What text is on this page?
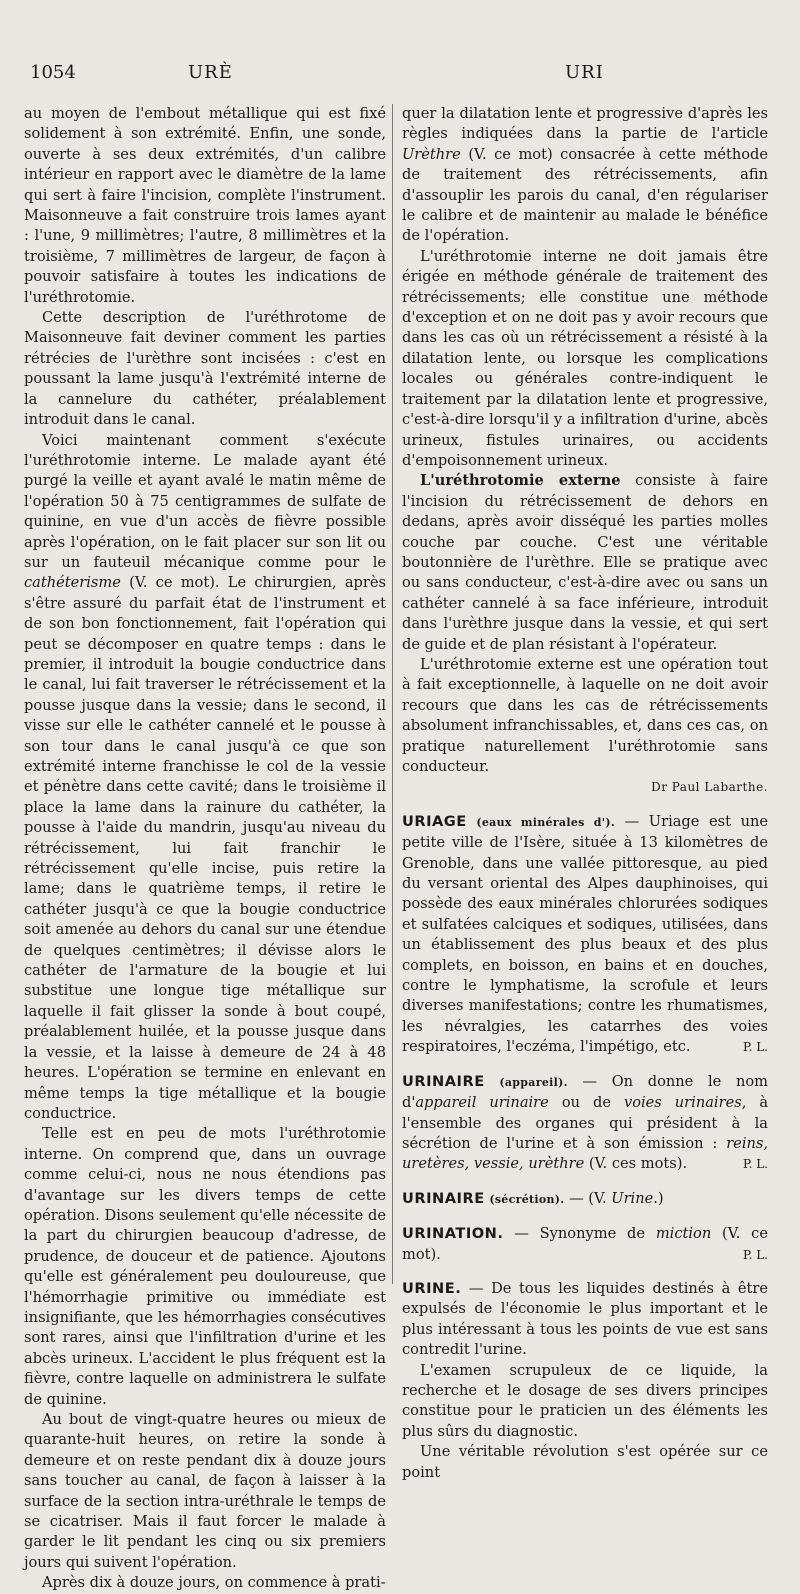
1054	URÈ	URI

au moyen de l'embout métallique qui est fixé solidement à son extrémité. Enfin, une sonde, ouverte à ses deux extrémités, d'un calibre intérieur en rapport avec le diamètre de la lame qui sert à faire l'incision, complète l'instrument. Maisonneuve a fait construire trois lames ayant : l'une, 9 millimètres; l'autre, 8 millimètres et la troisième, 7 millimètres de largeur, de façon à pouvoir satisfaire à toutes les indications de l'uréthrotomie.

Cette description de l'uréthrotome de Maisonneuve fait deviner comment les parties rétrécies de l'urèthre sont incisées : c'est en poussant la lame jusqu'à l'extrémité interne de la cannelure du cathéter, préalablement introduit dans le canal.

Voici maintenant comment s'exécute l'uréthrotomie interne. Le malade ayant été purgé la veille et ayant avalé le matin même de l'opération 50 à 75 centigrammes de sulfate de quinine, en vue d'un accès de fièvre possible après l'opération, on le fait placer sur son lit ou sur un fauteuil mécanique comme pour le cathéterisme (V. ce mot). Le chirurgien, après s'être assuré du parfait état de l'instrument et de son bon fonctionnement, fait l'opération qui peut se décomposer en quatre temps : dans le premier, il introduit la bougie conductrice dans le canal, lui fait traverser le rétrécissement et la pousse jusque dans la vessie; dans le second, il visse sur elle le cathéter cannelé et le pousse à son tour dans le canal jusqu'à ce que son extrémité interne franchisse le col de la vessie et pénètre dans cette cavité; dans le troisième il place la lame dans la rainure du cathéter, la pousse à l'aide du mandrin, jusqu'au niveau du rétrécissement, lui fait franchir le rétrécissement qu'elle incise, puis retire la lame; dans le quatrième temps, il retire le cathéter jusqu'à ce que la bougie conductrice soit amenée au dehors du canal sur une étendue de quelques centimètres; il dévisse alors le cathéter de l'armature de la bougie et lui substitue une longue tige métallique sur laquelle il fait glisser la sonde à bout coupé, préalablement huilée, et la pousse jusque dans la vessie, et la laisse à demeure de 24 à 48 heures. L'opération se termine en enlevant en même temps la tige métallique et la bougie conductrice.

Telle est en peu de mots l'uréthrotomie interne. On comprend que, dans un ouvrage comme celui-ci, nous ne nous étendions pas d'avantage sur les divers temps de cette opération. Disons seulement qu'elle nécessite de la part du chirurgien beaucoup d'adresse, de prudence, de douceur et de patience. Ajoutons qu'elle est généralement peu douloureuse, que l'hémorrhagie primitive ou immédiate est insignifiante, que les hémorrhagies consécutives sont rares, ainsi que l'infiltration d'urine et les abcès urineux. L'accident le plus fréquent est la fièvre, contre laquelle on administrera le sulfate de quinine.

Au bout de vingt-quatre heures ou mieux de quarante-huit heures, on retire la sonde à demeure et on reste pendant dix à douze jours sans toucher au canal, de façon à laisser à la surface de la section intra-uréthrale le temps de se cicatriser. Mais il faut forcer le malade à garder le lit pendant les cinq ou six premiers jours qui suivent l'opération.

Après dix à douze jours, on commence à prati-

quer la dilatation lente et progressive d'après les règles indiquées dans la partie de l'article Urèthre (V. ce mot) consacrée à cette méthode de traitement des rétrécissements, afin d'assouplir les parois du canal, d'en régulariser le calibre et de maintenir au malade le bénéfice de l'opération.

L'uréthrotomie interne ne doit jamais être érigée en méthode générale de traitement des rétrécissements; elle constitue une méthode d'exception et on ne doit pas y avoir recours que dans les cas où un rétrécissement a résisté à la dilatation lente, ou lorsque les complications locales ou générales contre-indiquent le traitement par la dilatation lente et progressive, c'est-à-dire lorsqu'il y a infiltration d'urine, abcès urineux, fistules urinaires, ou accidents d'empoisonnement urineux.

L'uréthrotomie externe consiste à faire l'incision du rétrécissement de dehors en dedans, après avoir disséqué les parties molles couche par couche. C'est une véritable boutonnière de l'urèthre. Elle se pratique avec ou sans conducteur, c'est-à-dire avec ou sans un cathéter cannelé à sa face inférieure, introduit dans l'urèthre jusque dans la vessie, et qui sert de guide et de plan résistant à l'opérateur.

L'uréthrotomie externe est une opération tout à fait exceptionnelle, à laquelle on ne doit avoir recours que dans les cas de rétrécissements absolument infranchissables, et, dans ces cas, on pratique naturellement l'uréthrotomie sans conducteur.

Dr Paul Labarthe.

URIAGE (eaux minérales d'). — Uriage est une petite ville de l'Isère, située à 13 kilomètres de Grenoble, dans une vallée pittoresque, au pied du versant oriental des Alpes dauphinoises, qui possède des eaux minérales chlorurées sodiques et sulfatées calciques et sodiques, utilisées, dans un établissement des plus beaux et des plus complets, en boisson, en bains et en douches, contre le lymphatisme, la scrofule et leurs diverses manifestations; contre les rhumatismes, les névralgies, les catarrhes des voies respiratoires, l'eczéma, l'impétigo, etc.	P. L.

URINAIRE (appareil). — On donne le nom d'appareil urinaire ou de voies urinaires, à l'ensemble des organes qui président à la sécrétion de l'urine et à son émission : reins, uretères, vessie, urèthre (V. ces mots).	P. L.

URINAIRE (sécrétion). — (V. Urine.)

URINATION. — Synonyme de miction (V. ce mot).	P. L.

URINE. — De tous les liquides destinés à être expulsés de l'économie le plus important et le plus intéressant à tous les points de vue est sans contredit l'urine.

L'examen scrupuleux de ce liquide, la recherche et le dosage de ses divers principes constitue pour le praticien un des éléments les plus sûrs du diagnostic.

Une véritable révolution s'est opérée sur ce point
